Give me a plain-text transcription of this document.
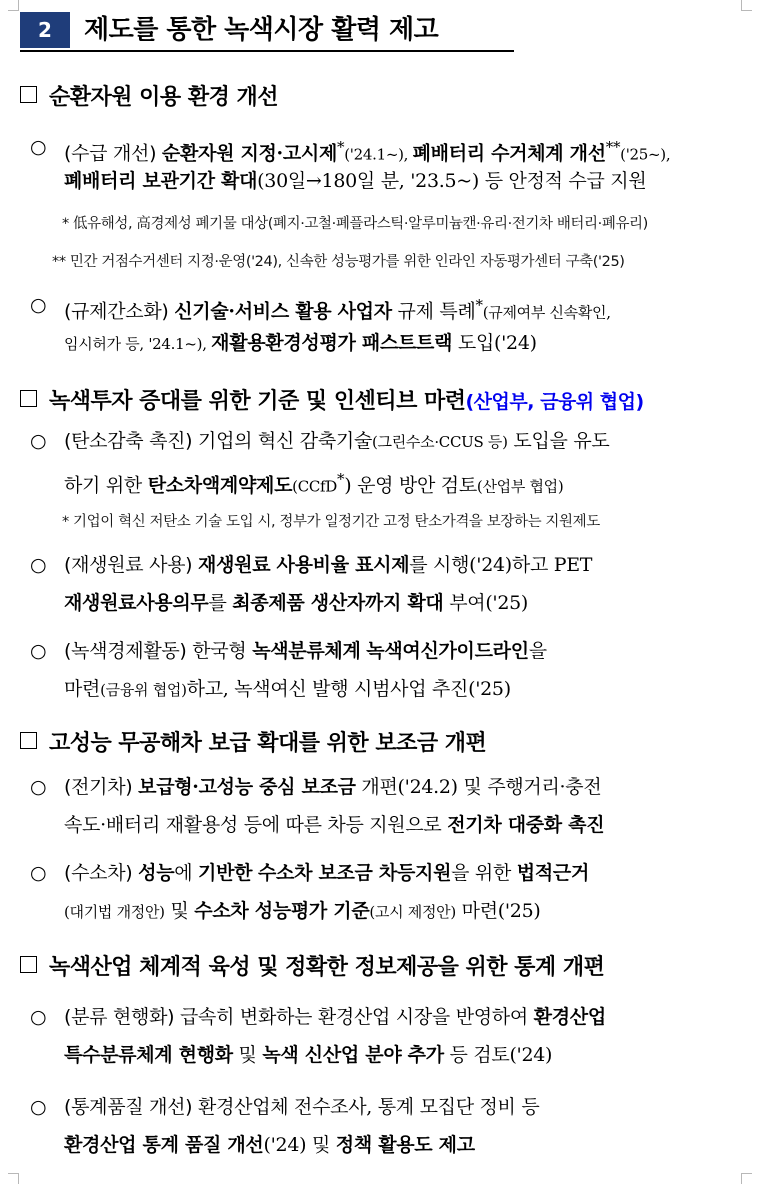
2	제도를 통한 녹색시장 활력 제고
순환자원 이용 환경 개선
○ (수급 개선) 순환자원 지정·고시제*('24.1~), 폐배터리 수거체계 개선**('25~),
폐배터리 보관기간 확대(30일→180일 분, '23.5~) 등 안정적 수급 지원
* 低유해성, 高경제성 폐기물 대상(폐지·고철·폐플라스틱·알루미늄캔·유리·전기차 배터리·폐유리)
** 민간 거점수거센터 지정·운영('24), 신속한 성능평가를 위한 인라인 자동평가센터 구축('25)
○ (규제간소화) 신기술·서비스 활용 사업자 규제 특례*(규제여부 신속확인,
임시허가 등, '24.1~), 재활용환경성평가 패스트트랙 도입('24)
녹색투자 증대를 위한 기준 및 인센티브 마련(산업부, 금융위 협업)
○ (탄소감축 촉진) 기업의 혁신 감축기술(그린수소·CCUS 등) 도입을 유도
하기 위한 탄소차액계약제도(CCfD*) 운영 방안 검토(산업부 협업)
* 기업이 혁신 저탄소 기술 도입 시, 정부가 일정기간 고정 탄소가격을 보장하는 지원제도
○ (재생원료 사용) 재생원료 사용비율 표시제를 시행('24)하고 PET
재생원료사용의무를 최종제품 생산자까지 확대 부여('25)
○ (녹색경제활동) 한국형 녹색분류체계 녹색여신가이드라인을
마련(금융위 협업)하고, 녹색여신 발행 시범사업 추진('25)
고성능 무공해차 보급 확대를 위한 보조금 개편
○ (전기차) 보급형·고성능 중심 보조금 개편('24.2) 및 주행거리·충전
속도·배터리 재활용성 등에 따른 차등 지원으로 전기차 대중화 촉진
○ (수소차) 성능에 기반한 수소차 보조금 차등지원을 위한 법적근거
(대기법 개정안) 및 수소차 성능평가 기준(고시 제정안) 마련('25)
녹색산업 체계적 육성 및 정확한 정보제공을 위한 통계 개편
○ (분류 현행화) 급속히 변화하는 환경산업 시장을 반영하여 환경산업
특수분류체계 현행화 및 녹색 신산업 분야 추가 등 검토('24)
○ (통계품질 개선) 환경산업체 전수조사, 통계 모집단 정비 등
환경산업 통계 품질 개선('24) 및 정책 활용도 제고
